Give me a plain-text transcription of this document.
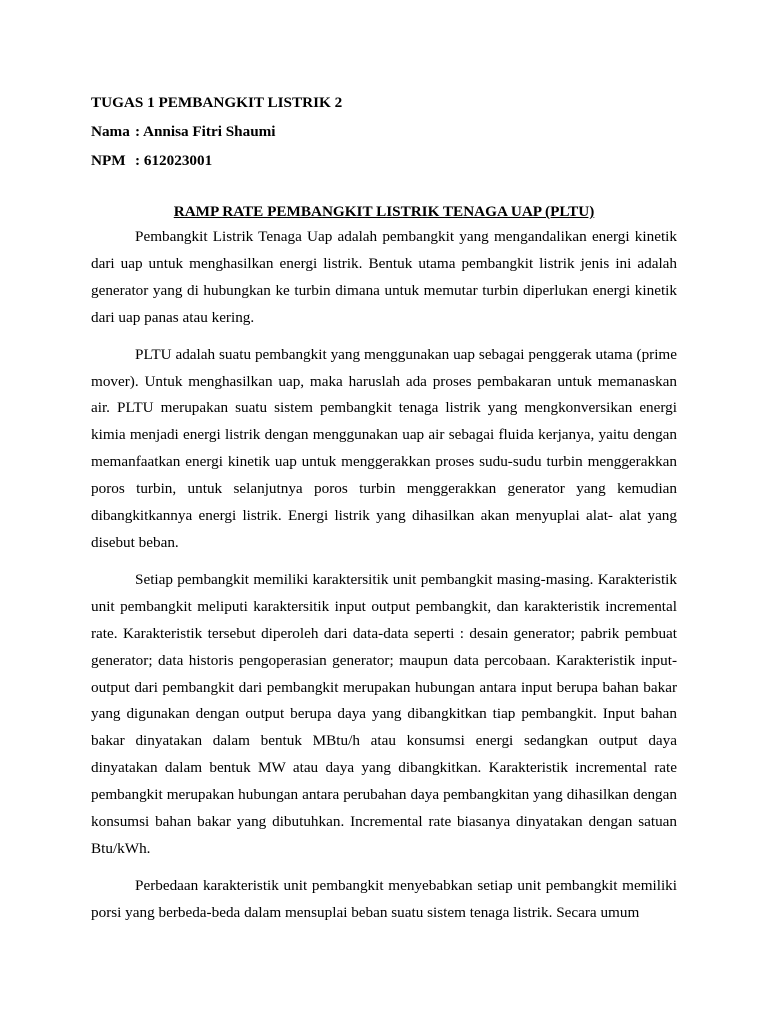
TUGAS 1 PEMBANGKIT LISTRIK 2
Nama : Annisa Fitri Shaumi
NPM : 612023001
RAMP RATE PEMBANGKIT LISTRIK TENAGA UAP (PLTU)

Pembangkit Listrik Tenaga Uap adalah pembangkit yang mengandalikan energi kinetik dari uap untuk menghasilkan energi listrik. Bentuk utama pembangkit listrik jenis ini adalah generator yang di hubungkan ke turbin dimana untuk memutar turbin diperlukan energi kinetik dari uap panas atau kering.

PLTU adalah suatu pembangkit yang menggunakan uap sebagai penggerak utama (prime mover). Untuk menghasilkan uap, maka haruslah ada proses pembakaran untuk memanaskan air. PLTU merupakan suatu sistem pembangkit tenaga listrik yang mengkonversikan energi kimia menjadi energi listrik dengan menggunakan uap air sebagai fluida kerjanya, yaitu dengan memanfaatkan energi kinetik uap untuk menggerakkan proses sudu-sudu turbin menggerakkan poros turbin, untuk selanjutnya poros turbin menggerakkan generator yang kemudian dibangkitkannya energi listrik. Energi listrik yang dihasilkan akan menyuplai alat- alat yang disebut beban.

Setiap pembangkit memiliki karaktersitik unit pembangkit masing-masing. Karakteristik unit pembangkit meliputi karaktersitik input output pembangkit, dan karakteristik incremental rate. Karakteristik tersebut diperoleh dari data-data seperti : desain generator; pabrik pembuat generator; data historis pengoperasian generator; maupun data percobaan. Karakteristik input-output dari pembangkit dari pembangkit merupakan hubungan antara input berupa bahan bakar yang digunakan dengan output berupa daya yang dibangkitkan tiap pembangkit. Input bahan bakar dinyatakan dalam bentuk MBtu/h atau konsumsi energi sedangkan output daya dinyatakan dalam bentuk MW atau daya yang dibangkitkan. Karakteristik incremental rate pembangkit merupakan hubungan antara perubahan daya pembangkitan yang dihasilkan dengan konsumsi bahan bakar yang dibutuhkan. Incremental rate biasanya dinyatakan dengan satuan Btu/kWh.

Perbedaan karakteristik unit pembangkit menyebabkan setiap unit pembangkit memiliki porsi yang berbeda-beda dalam mensuplai beban suatu sistem tenaga listrik. Secara umum
